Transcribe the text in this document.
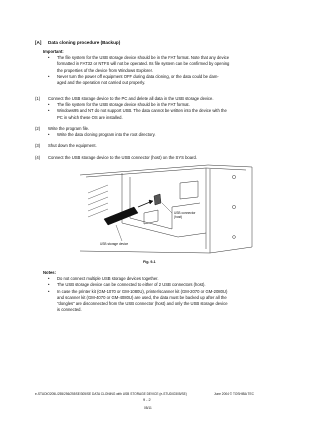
[A] Data cloning procedure (Backup)
Important:
• The file system for the USB storage device should be in the FAT format. Note that any device
formatted in FAT32 or NTFS will not be operated. Its file system can be confirmed by opening
the properties of the device from Windows Explorer.
• Never turn the power off equipment OFF during data cloning, or the data could be dam-
aged and the operation not carried out properly.
(1) Connect the USB storage device to the PC and delete all data in the USB storage device.
• The file system for the USB storage device should be in the FAT format.
• Windows95 and NT do not support USB. The data cannot be written into the device with the
PC in which these OS are installed.
(2) Write the program file.
• Write the data cloning program into the root directory.
(3) Shut down the equipment.
(4) Connect the USB storage device to the USB connector (host) on the SYS board.
USB connector
(host)
USB storage device
Fig. 9-1
Notes:
• Do not connect multiple USB storage devices together.
• The USB storage device can be connected to either of 2 USB connectors (host).
• In case the printer kit (GM-1070 or GM-1080U), printer/scanner kit (GM-2070 or GM-2080U)
and scanner kit (GM-4070 or GM-4080U) are used, the data must be backed up after all the
"dongles" are disconnected from the USB connector (host) and only the USB storage device
is connected.
e-STUDIO205L/255/256/255SE/305/SE DATA CLONING with USB STORAGE DEVICE (e-STUDIO305/SE)	June 2004 © TOSHIBA TEC
9 - 2
05/11
